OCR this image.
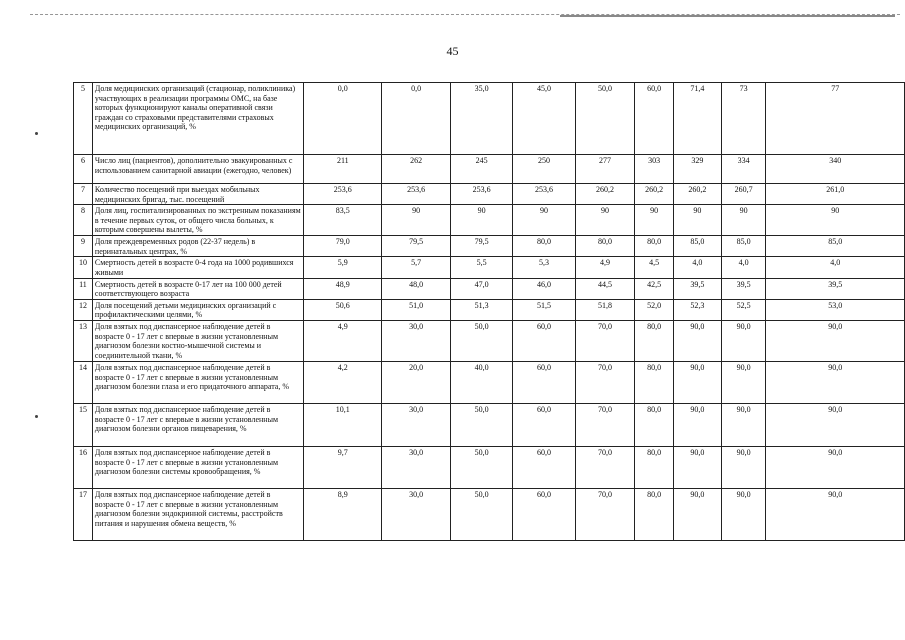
45
5	Доля медицинских организаций (стационар, поликлиника) участвующих в реализации программы ОМС, на базе которых функционируют каналы оперативной связи граждан со страховыми представителями страховых медицинских организаций, %	0,0	0,0	35,0	45,0	50,0	60,0	71,4	73	77
6	Число лиц (пациентов), дополнительно эвакуированных с использованием санитарной авиации (ежегодно, человек)	211	262	245	250	277	303	329	334	340
7	Количество посещений при выездах мобильных медицинских бригад, тыс. посещений	253,6	253,6	253,6	253,6	260,2	260,2	260,2	260,7	261,0
8	Доля лиц, госпитализированных по экстренным показаниям в течение первых суток, от общего числа больных, к которым совершены вылеты, %	83,5	90	90	90	90	90	90	90	90
9	Доля преждевременных родов (22-37 недель) в перинатальных центрах, %	79,0	79,5	79,5	80,0	80,0	80,0	85,0	85,0	85,0
10	Смертность детей в возрасте 0-4 года на 1000 родившихся живыми	5,9	5,7	5,5	5,3	4,9	4,5	4,0	4,0	4,0
11	Смертность детей в возрасте 0-17 лет на 100 000 детей соответствующего возраста	48,9	48,0	47,0	46,0	44,5	42,5	39,5	39,5	39,5
12	Доля посещений детьми медицинских организаций с профилактическими целями, %	50,6	51,0	51,3	51,5	51,8	52,0	52,3	52,5	53,0
13	Доля взятых под диспансерное наблюдение детей в возрасте 0 - 17 лет с впервые в жизни установленным диагнозом болезни костно-мышечной системы и соединительной ткани, %	4,9	30,0	50,0	60,0	70,0	80,0	90,0	90,0	90,0
14	Доля взятых под диспансерное наблюдение детей в возрасте 0 - 17 лет с впервые в жизни установленным диагнозом болезни глаза и его придаточного аппарата, %	4,2	20,0	40,0	60,0	70,0	80,0	90,0	90,0	90,0
15	Доля взятых под диспансерное наблюдение детей в возрасте 0 - 17 лет с впервые в жизни установленным диагнозом болезни органов пищеварения, %	10,1	30,0	50,0	60,0	70,0	80,0	90,0	90,0	90,0
16	Доля взятых под диспансерное наблюдение детей в возрасте 0 - 17 лет с впервые в жизни установленным диагнозом болезни системы кровообращения, %	9,7	30,0	50,0	60,0	70,0	80,0	90,0	90,0	90,0
17	Доля взятых под диспансерное наблюдение детей в возрасте 0 - 17 лет с впервые в жизни установленным диагнозом болезни эндокринной системы, расстройств питания и нарушения обмена веществ, %	8,9	30,0	50,0	60,0	70,0	80,0	90,0	90,0	90,0
